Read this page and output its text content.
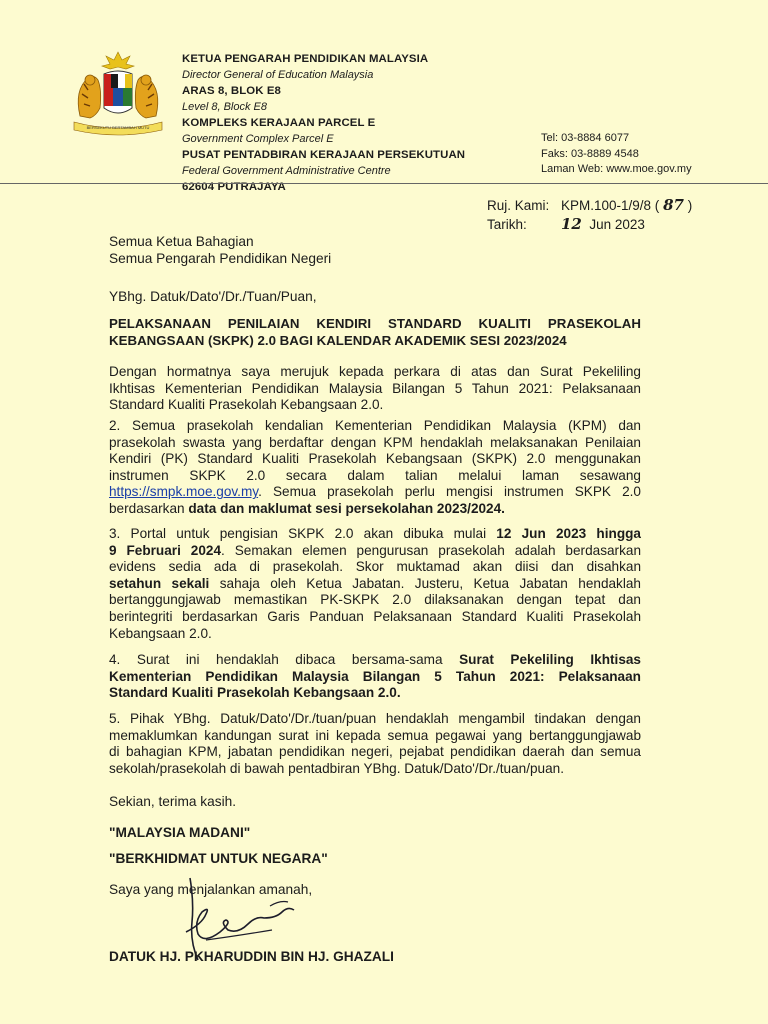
BERSEKUTU BERTAMBAH MUTU
KETUA PENGARAH PENDIDIKAN MALAYSIA
Director General of Education Malaysia
ARAS 8, BLOK E8
Level 8, Block E8
KOMPLEKS KERAJAAN PARCEL E
Government Complex Parcel E
PUSAT PENTADBIRAN KERAJAAN PERSEKUTUAN
Federal Government Administrative Centre
62604 PUTRAJAYA
Tel: 03-8884 6077
Faks: 03-8889 4548
Laman Web: www.moe.gov.my
Ruj. Kami: KPM.100-1/9/8 ( 87 )
Tarikh:	12 Jun 2023
Semua Ketua Bahagian
Semua Pengarah Pendidikan Negeri
YBhg. Datuk/Dato'/Dr./Tuan/Puan,
PELAKSANAAN PENILAIAN KENDIRI STANDARD KUALITI PRASEKOLAH
KEBANGSAAN (SKPK) 2.0 BAGI KALENDAR AKADEMIK SESI 2023/2024
Dengan hormatnya saya merujuk kepada perkara di atas dan Surat Pekeliling
Ikhtisas Kementerian Pendidikan Malaysia Bilangan 5 Tahun 2021: Pelaksanaan
Standard Kualiti Prasekolah Kebangsaan 2.0.
2. Semua prasekolah kendalian Kementerian Pendidikan Malaysia (KPM) dan
prasekolah swasta yang berdaftar dengan KPM hendaklah melaksanakan Penilaian
Kendiri (PK) Standard Kualiti Prasekolah Kebangsaan (SKPK) 2.0 menggunakan
instrumen SKPK 2.0 secara dalam talian melalui laman sesawang
https://smpk.moe.gov.my. Semua prasekolah perlu mengisi instrumen SKPK 2.0
berdasarkan data dan maklumat sesi persekolahan 2023/2024.
3. Portal untuk pengisian SKPK 2.0 akan dibuka mulai 12 Jun 2023 hingga
9 Februari 2024. Semakan elemen pengurusan prasekolah adalah berdasarkan
evidens sedia ada di prasekolah. Skor muktamad akan diisi dan disahkan
setahun sekali sahaja oleh Ketua Jabatan. Justeru, Ketua Jabatan hendaklah
bertanggungjawab memastikan PK-SKPK 2.0 dilaksanakan dengan tepat dan
berintegriti berdasarkan Garis Panduan Pelaksanaan Standard Kualiti Prasekolah
Kebangsaan 2.0.
4. Surat ini hendaklah dibaca bersama-sama Surat Pekeliling Ikhtisas
Kementerian Pendidikan Malaysia Bilangan 5 Tahun 2021: Pelaksanaan
Standard Kualiti Prasekolah Kebangsaan 2.0.
5. Pihak YBhg. Datuk/Dato'/Dr./tuan/puan hendaklah mengambil tindakan dengan
memaklumkan kandungan surat ini kepada semua pegawai yang bertanggungjawab
di bahagian KPM, jabatan pendidikan negeri, pejabat pendidikan daerah dan semua
sekolah/prasekolah di bawah pentadbiran YBhg. Datuk/Dato'/Dr./tuan/puan.
Sekian, terima kasih.
"MALAYSIA MADANI"
"BERKHIDMAT UNTUK NEGARA"
Saya yang menjalankan amanah,
DATUK HJ. PKHARUDDIN BIN HJ. GHAZALI
